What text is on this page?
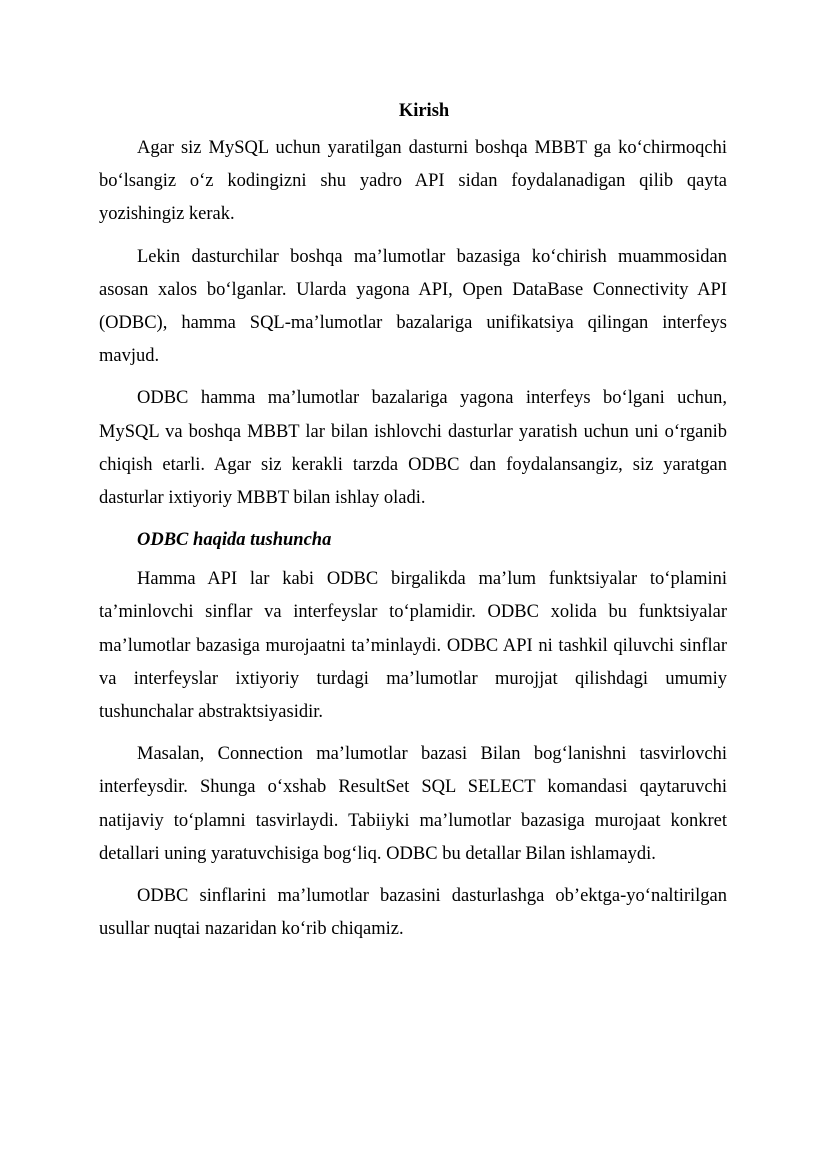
Kirish

Agar siz MySQL uchun yaratilgan dasturni boshqa MBBT ga ko‘chirmoqchi bo‘lsangiz o‘z kodingizni shu yadro API sidan foydalanadigan qilib qayta yozishingiz kerak.

Lekin dasturchilar boshqa ma’lumotlar bazasiga ko‘chirish muammosidan asosan xalos bo‘lganlar. Ularda yagona API, Open DataBase Connectivity API (ODBC), hamma SQL-ma’lumotlar bazalariga unifikatsiya qilingan interfeys mavjud.

ODBC hamma ma’lumotlar bazalariga yagona interfeys bo‘lgani uchun, MySQL va boshqa MBBT lar bilan ishlovchi dasturlar yaratish uchun uni o‘rganib chiqish etarli. Agar siz kerakli tarzda ODBC dan foydalansangiz, siz yaratgan dasturlar ixtiyoriy MBBT bilan ishlay oladi.

ODBC haqida tushuncha

Hamma API lar kabi ODBC birgalikda ma’lum funktsiyalar to‘plamini ta’minlovchi sinflar va interfeyslar to‘plamidir. ODBC xolida bu funktsiyalar ma’lumotlar bazasiga murojaatni ta’minlaydi. ODBC API ni tashkil qiluvchi sinflar va interfeyslar ixtiyoriy turdagi ma’lumotlar murojjat qilishdagi umumiy tushunchalar abstraktsiyasidir.

Masalan, Connection ma’lumotlar bazasi Bilan bog‘lanishni tasvirlovchi interfeysdir. Shunga o‘xshab ResultSet SQL SELECT komandasi qaytaruvchi natijaviy to‘plamni tasvirlaydi. Tabiiyki ma’lumotlar bazasiga murojaat konkret detallari uning yaratuvchisiga bog‘liq. ODBC bu detallar Bilan ishlamaydi.

ODBC sinflarini ma’lumotlar bazasini dasturlashga ob’ektga-yo‘naltirilgan usullar nuqtai nazaridan ko‘rib chiqamiz.
